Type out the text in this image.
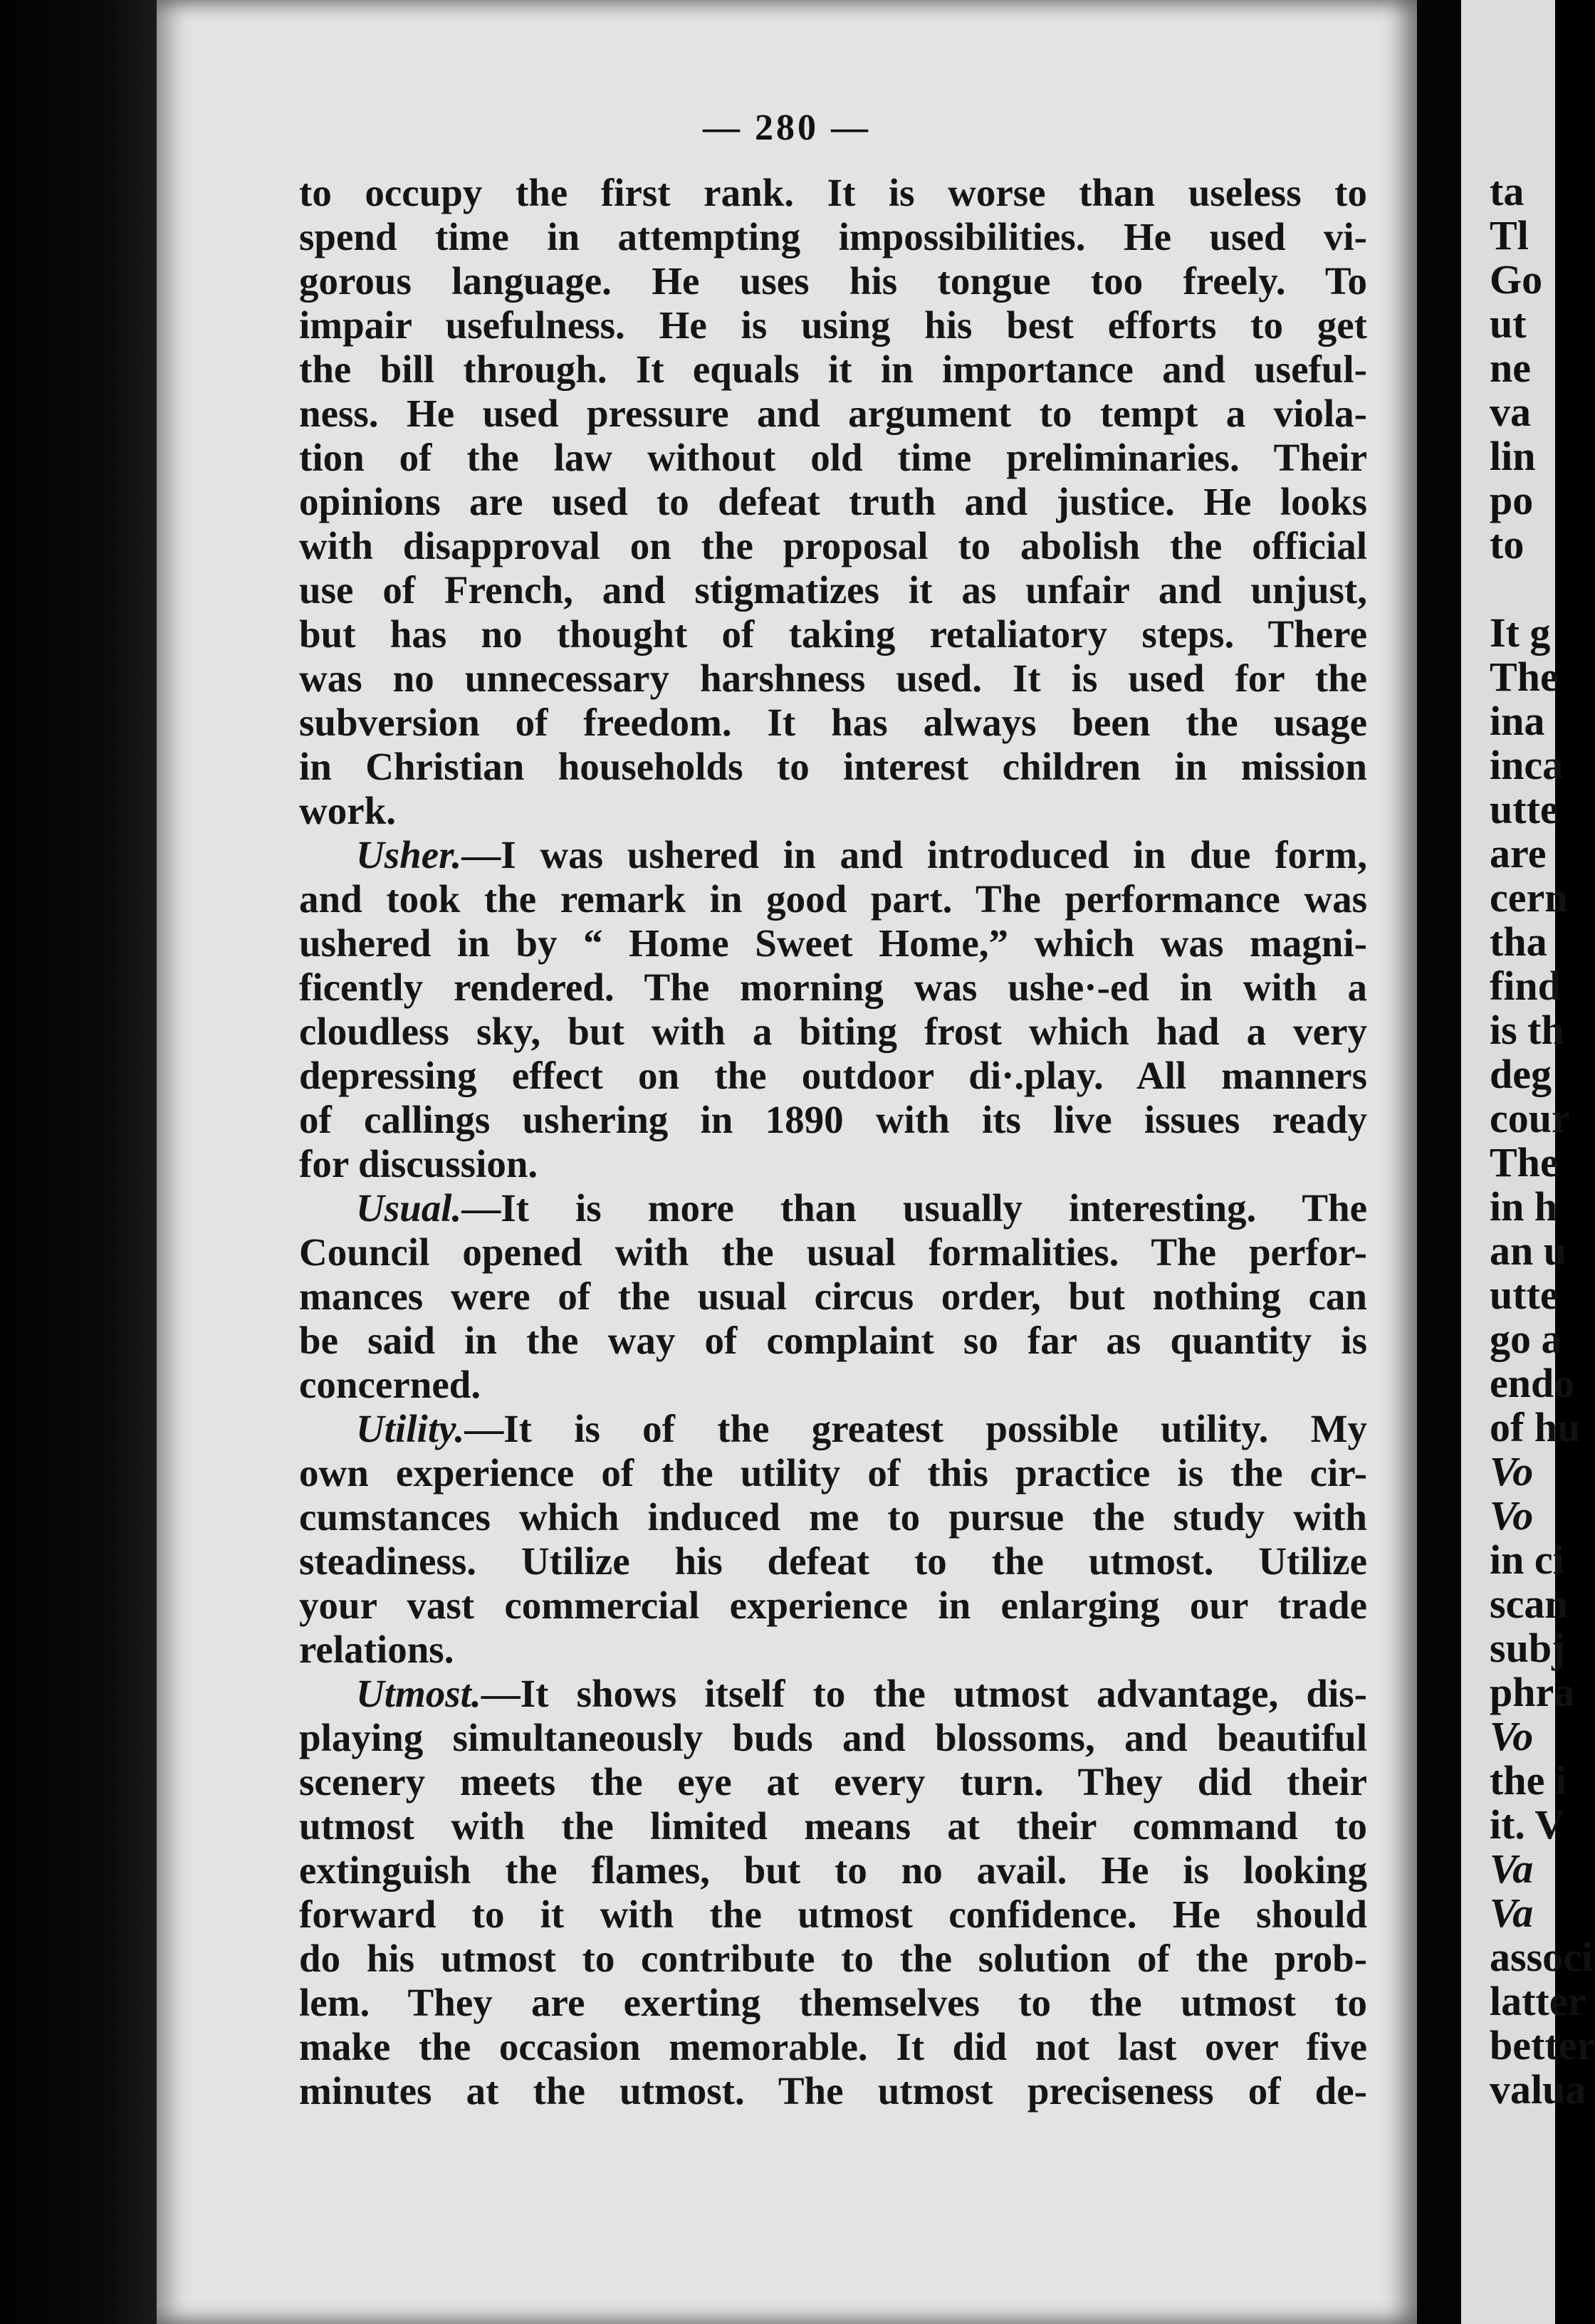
— 280 —
to occupy the first rank. It is worse than useless to
spend time in attempting impossibilities. He used vi-
gorous language. He uses his tongue too freely. To
impair usefulness. He is using his best efforts to get
the bill through. It equals it in importance and useful-
ness. He used pressure and argument to tempt a viola-
tion of the law without old time preliminaries. Their
opinions are used to defeat truth and justice. He looks
with disapproval on the proposal to abolish the official
use of French, and stigmatizes it as unfair and unjust,
but has no thought of taking retaliatory steps. There
was no unnecessary harshness used. It is used for the
subversion of freedom. It has always been the usage
in Christian households to interest children in mission
work.
Usher.—I was ushered in and introduced in due form,
and took the remark in good part. The performance was
ushered in by “ Home Sweet Home,” which was magni-
ficently rendered. The morning was ushe·-ed in with a
cloudless sky, but with a biting frost which had a very
depressing effect on the outdoor di·.play. All manners
of callings ushering in 1890 with its live issues ready
for discussion.
Usual.—It is more than usually interesting. The
Council opened with the usual formalities. The perfor-
mances were of the usual circus order, but nothing can
be said in the way of complaint so far as quantity is
concerned.
Utility.—It is of the greatest possible utility. My
own experience of the utility of this practice is the cir-
cumstances which induced me to pursue the study with
steadiness. Utilize his defeat to the utmost. Utilize
your vast commercial experience in enlarging our trade
relations.
Utmost.—It shows itself to the utmost advantage, dis-
playing simultaneously buds and blossoms, and beautiful
scenery meets the eye at every turn. They did their
utmost with the limited means at their command to
extinguish the flames, but to no avail. He is looking
forward to it with the utmost confidence. He should
do his utmost to contribute to the solution of the prob-
lem. They are exerting themselves to the utmost to
make the occasion memorable. It did not last over five
minutes at the utmost. The utmost preciseness of de-
ta
Tl
Go
ut
ne
va
lin
po
to
It g
The
ina
inca
utte
are
cern
tha
find
is th
deg
cour
The
in h
an u
utte
go a
endo
of hu
Vo
Vo
in ci
scan
subj
phra
Vo
the i
it. V
Va
Va
associ
latter
better
valua
